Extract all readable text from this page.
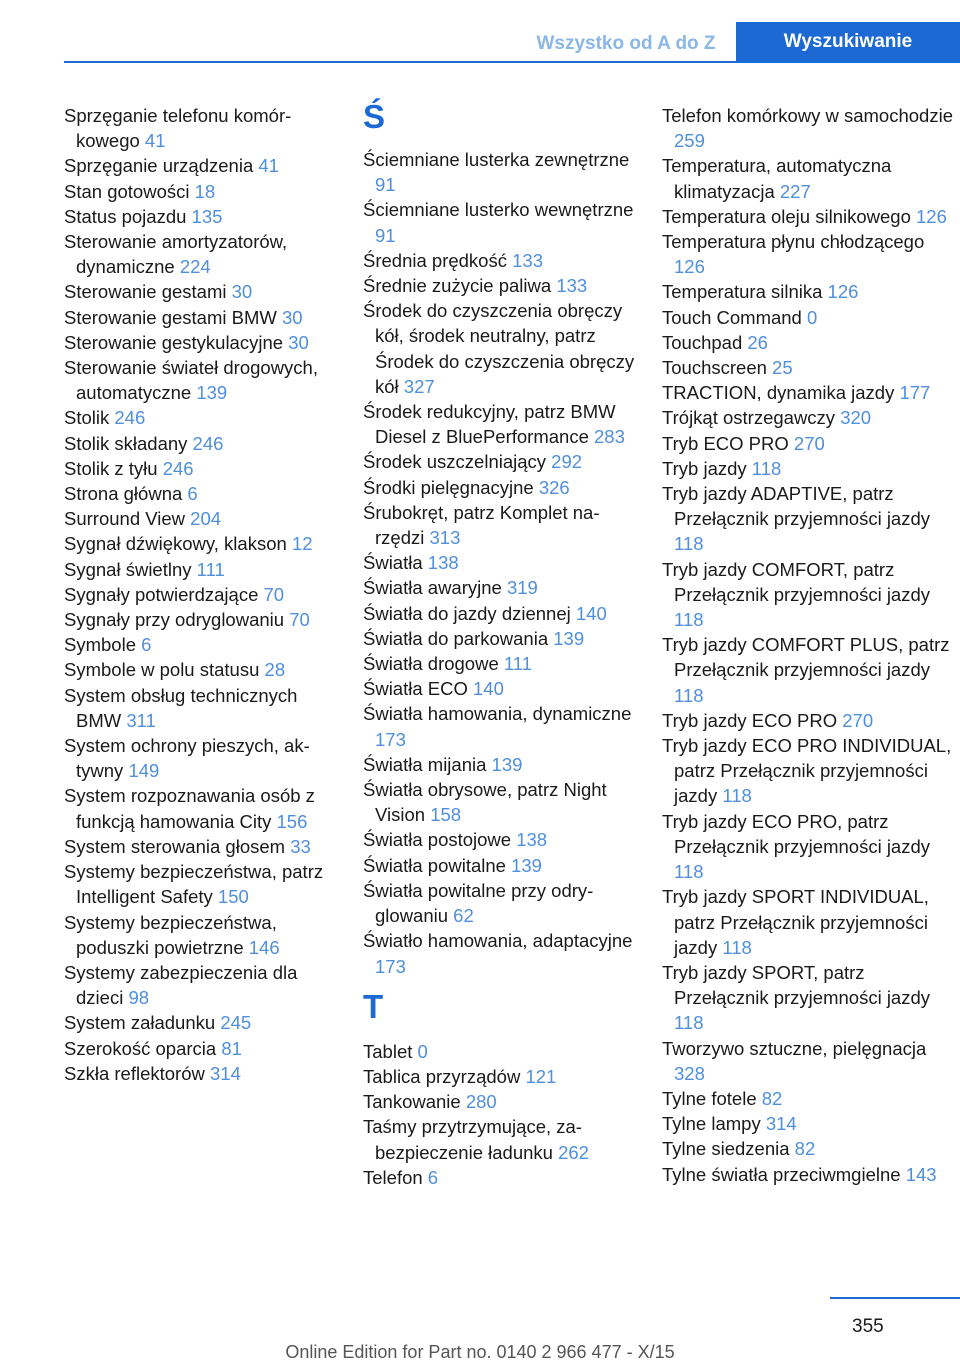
Wszystko od A do Z	Wyszukiwanie
Sprzęganie telefonu komórkowego 41
Sprzęganie urządzenia 41
Stan gotowości 18
Status pojazdu 135
Sterowanie amortyzatorów, dynamiczne 224
Sterowanie gestami 30
Sterowanie gestami BMW 30
Sterowanie gestykulacyjne 30
Sterowanie świateł drogowych, automatyczne 139
Stolik 246
Stolik składany 246
Stolik z tyłu 246
Strona główna 6
Surround View 204
Sygnał dźwiękowy, klakson 12
Sygnał świetlny 111
Sygnały potwierdzające 70
Sygnały przy odryglowaniu 70
Symbole 6
Symbole w polu statusu 28
System obsług technicznych BMW 311
System ochrony pieszych, aktywny 149
System rozpoznawania osób z funkcją hamowania City 156
System sterowania głosem 33
Systemy bezpieczeństwa, patrz Intelligent Safety 150
Systemy bezpieczeństwa, poduszki powietrzne 146
Systemy zabezpieczenia dla dzieci 98
System załadunku 245
Szerokość oparcia 81
Szkła reflektorów 314
Ś
Ściemniane lusterka zewnętrzne 91
Ściemniane lusterko wewnętrzne 91
Średnia prędkość 133
Średnie zużycie paliwa 133
Środek do czyszczenia obręczy kół, środek neutralny, patrz Środek do czyszczenia obręczy kół 327
Środek redukcyjny, patrz BMW Diesel z BluePerformance 283
Środek uszczelniający 292
Środki pielęgnacyjne 326
Śrubokręt, patrz Komplet narzędzi 313
Światła 138
Światła awaryjne 319
Światła do jazdy dziennej 140
Światła do parkowania 139
Światła drogowe 111
Światła ECO 140
Światła hamowania, dynamiczne 173
Światła mijania 139
Światła obrysowe, patrz Night Vision 158
Światła postojowe 138
Światła powitalne 139
Światła powitalne przy odryglowaniu 62
Światło hamowania, adaptacyjne 173
T
Tablet 0
Tablica przyrządów 121
Tankowanie 280
Taśmy przytrzymujące, zabezpieczenie ładunku 262
Telefon 6
Telefon komórkowy w samochodzie 259
Temperatura, automatyczna klimatyzacja 227
Temperatura oleju silnikowego 126
Temperatura płynu chłodzącego 126
Temperatura silnika 126
Touch Command 0
Touchpad 26
Touchscreen 25
TRACTION, dynamika jazdy 177
Trójkąt ostrzegawczy 320
Tryb ECO PRO 270
Tryb jazdy 118
Tryb jazdy ADAPTIVE, patrz Przełącznik przyjemności jazdy 118
Tryb jazdy COMFORT, patrz Przełącznik przyjemności jazdy 118
Tryb jazdy COMFORT PLUS, patrz Przełącznik przyjemności jazdy 118
Tryb jazdy ECO PRO 270
Tryb jazdy ECO PRO INDIVIDUAL, patrz Przełącznik przyjemności jazdy 118
Tryb jazdy ECO PRO, patrz Przełącznik przyjemności jazdy 118
Tryb jazdy SPORT INDIVIDUAL, patrz Przełącznik przyjemności jazdy 118
Tryb jazdy SPORT, patrz Przełącznik przyjemności jazdy 118
Tworzywo sztuczne, pielęgnacja 328
Tylne fotele 82
Tylne lampy 314
Tylne siedzenia 82
Tylne światła przeciwmgielne 143
355
Online Edition for Part no. 0140 2 966 477 - X/15
